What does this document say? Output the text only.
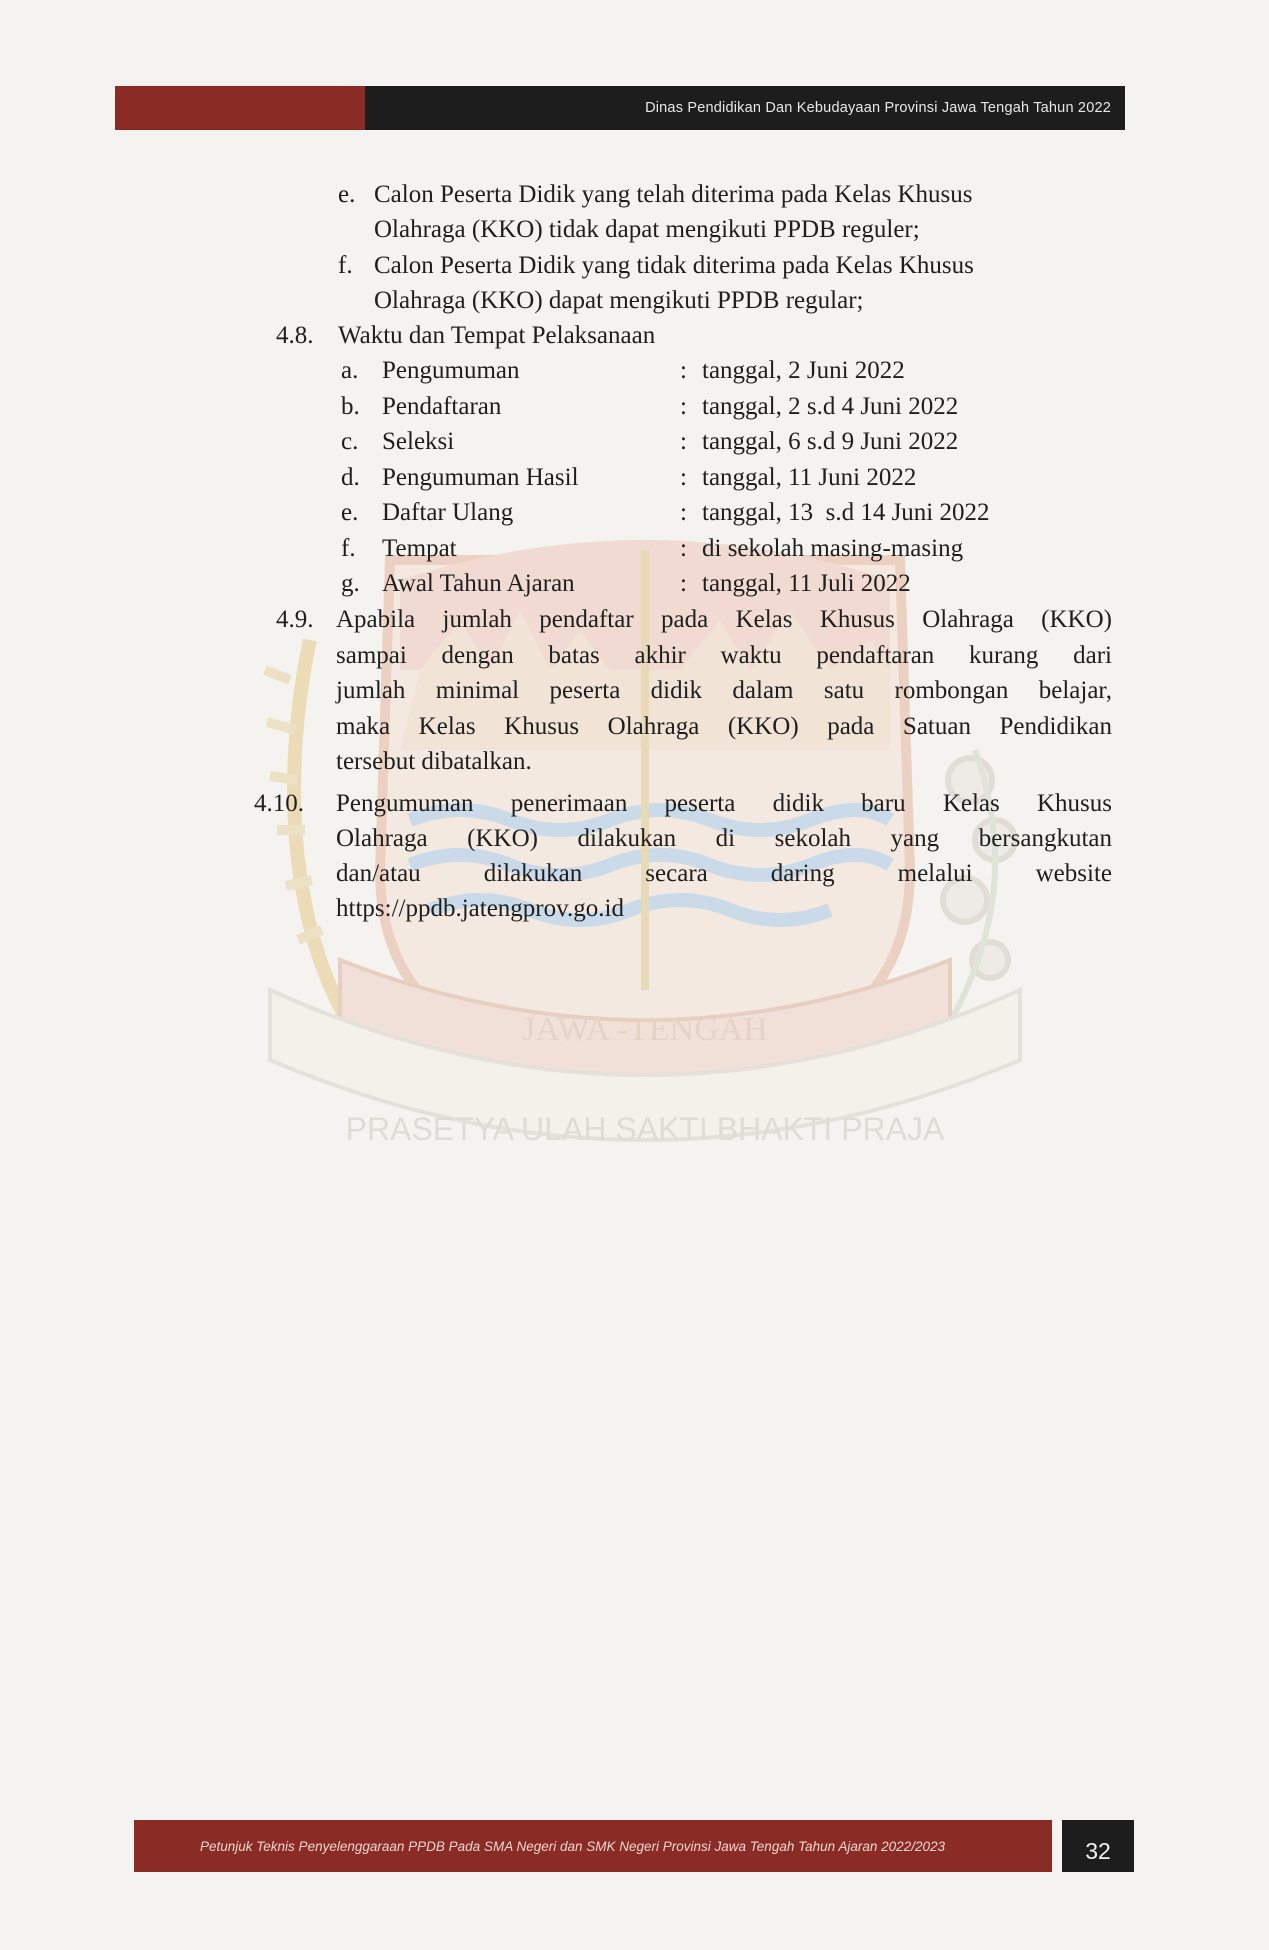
Dinas Pendidikan Dan Kebudayaan Provinsi Jawa Tengah Tahun 2022
JAWA -TENGAH
PRASETYA ULAH SAKTI BHAKTI PRAJA
e. Calon Peserta Didik yang telah diterima pada Kelas Khusus
Olahraga (KKO) tidak dapat mengikuti PPDB reguler;
f. Calon Peserta Didik yang tidak diterima pada Kelas Khusus
Olahraga (KKO) dapat mengikuti PPDB regular;
4.8. Waktu dan Tempat Pelaksanaan
a. Pengumuman	: tanggal, 2 Juni 2022
b. Pendaftaran	: tanggal, 2 s.d 4 Juni 2022
c. Seleksi	: tanggal, 6 s.d 9 Juni 2022
d. Pengumuman Hasil	: tanggal, 11 Juni 2022
e. Daftar Ulang	: tanggal, 13  s.d 14 Juni 2022
f. Tempat	: di sekolah masing-masing
g. Awal Tahun Ajaran	: tanggal, 11 Juli 2022
4.9. Apabila jumlah pendaftar pada Kelas Khusus Olahraga (KKO)
sampai dengan batas akhir waktu pendaftaran kurang dari
jumlah minimal peserta didik dalam satu rombongan belajar,
maka Kelas Khusus Olahraga (KKO) pada Satuan Pendidikan
tersebut dibatalkan.
4.10. Pengumuman penerimaan peserta didik baru Kelas Khusus
Olahraga (KKO) dilakukan di sekolah yang bersangkutan
dan/atau dilakukan secara daring melalui website
https://ppdb.jatengprov.go.id
Petunjuk Teknis Penyelenggaraan PPDB Pada SMA Negeri dan SMK Negeri Provinsi Jawa Tengah Tahun Ajaran 2022/2023	32
